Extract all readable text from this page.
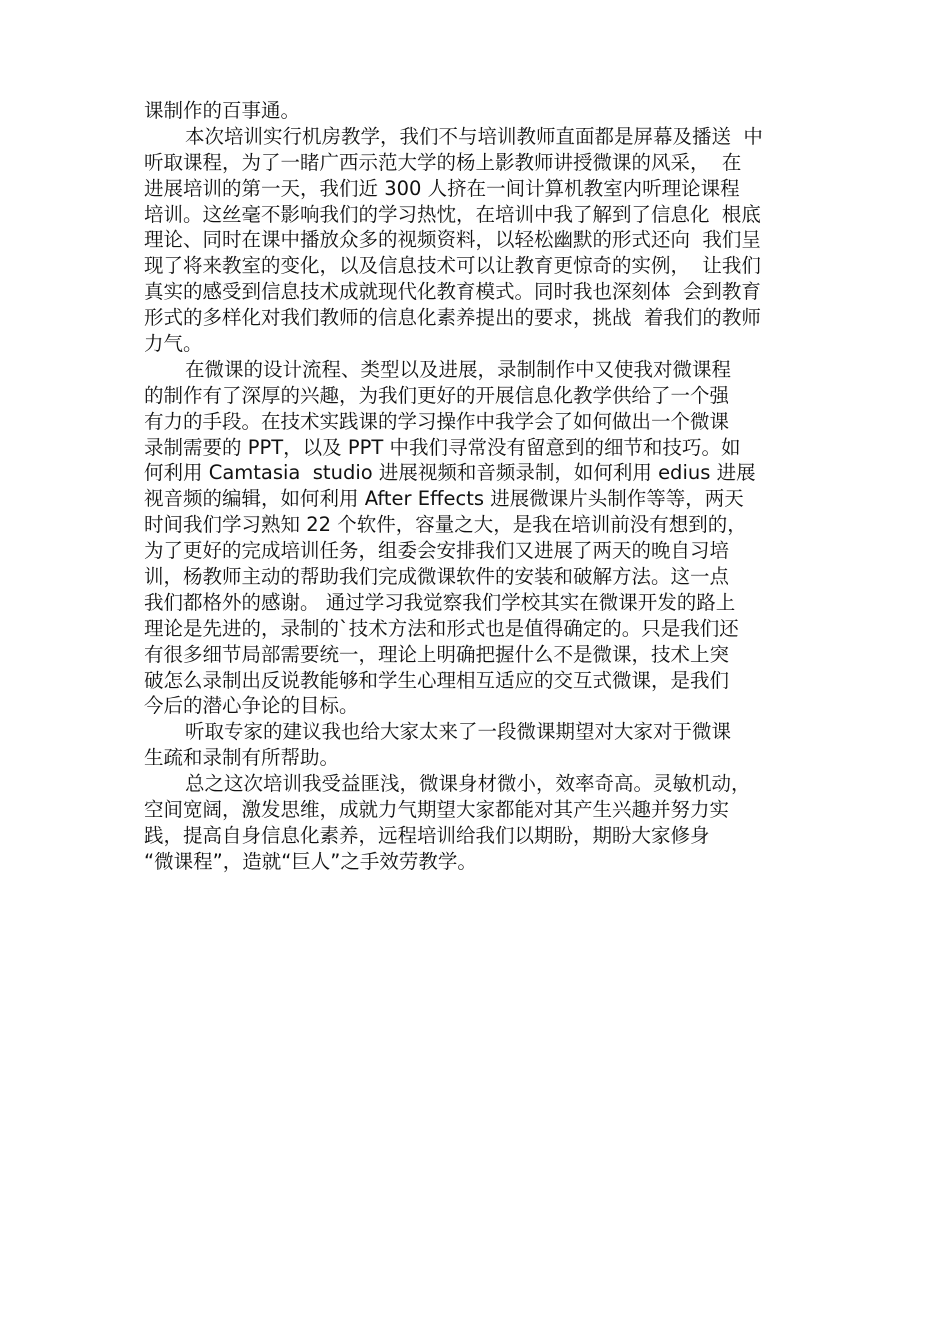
课制作的百事通。
本次培训实行机房教学，我们不与培训教师直面都是屏幕及播送  中
听取课程，为了一睹广西示范大学的杨上影教师讲授微课的风采，  在
进展培训的第一天，我们近 300 人挤在一间计算机教室内听理论课程
培训。这丝毫不影响我们的学习热忱，在培训中我了解到了信息化  根底
理论、同时在课中播放众多的视频资料，以轻松幽默的形式还向  我们呈
现了将来教室的变化，以及信息技术可以让教育更惊奇的实例，  让我们
真实的感受到信息技术成就现代化教育模式。同时我也深刻体  会到教育
形式的多样化对我们教师的信息化素养提出的要求，挑战  着我们的教师
力气。
在微课的设计流程、类型以及进展，录制制作中又使我对微课程
的制作有了深厚的兴趣，为我们更好的开展信息化教学供给了一个强
有力的手段。在技术实践课的学习操作中我学会了如何做出一个微课
录制需要的 PPT，以及 PPT 中我们寻常没有留意到的细节和技巧。如
何利用 Camtasia  studio 进展视频和音频录制，如何利用 edius 进展
视音频的编辑，如何利用 After Effects 进展微课片头制作等等，两天
时间我们学习熟知 22 个软件，容量之大，是我在培训前没有想到的，
为了更好的完成培训任务，组委会安排我们又进展了两天的晚自习培
训，杨教师主动的帮助我们完成微课软件的安装和破解方法。这一点
我们都格外的感谢。 通过学习我觉察我们学校其实在微课开发的路上
理论是先进的，录制的`技术方法和形式也是值得确定的。只是我们还
有很多细节局部需要统一，理论上明确把握什么不是微课，技术上突
破怎么录制出反说教能够和学生心理相互适应的交互式微课，是我们
今后的潜心争论的目标。
听取专家的建议我也给大家太来了一段微课期望对大家对于微课
生疏和录制有所帮助。
总之这次培训我受益匪浅，微课身材微小，效率奇高。灵敏机动，
空间宽阔，激发思维，成就力气期望大家都能对其产生兴趣并努力实
践，提高自身信息化素养，远程培训给我们以期盼，期盼大家修身
“微课程”，造就“巨人”之手效劳教学。
